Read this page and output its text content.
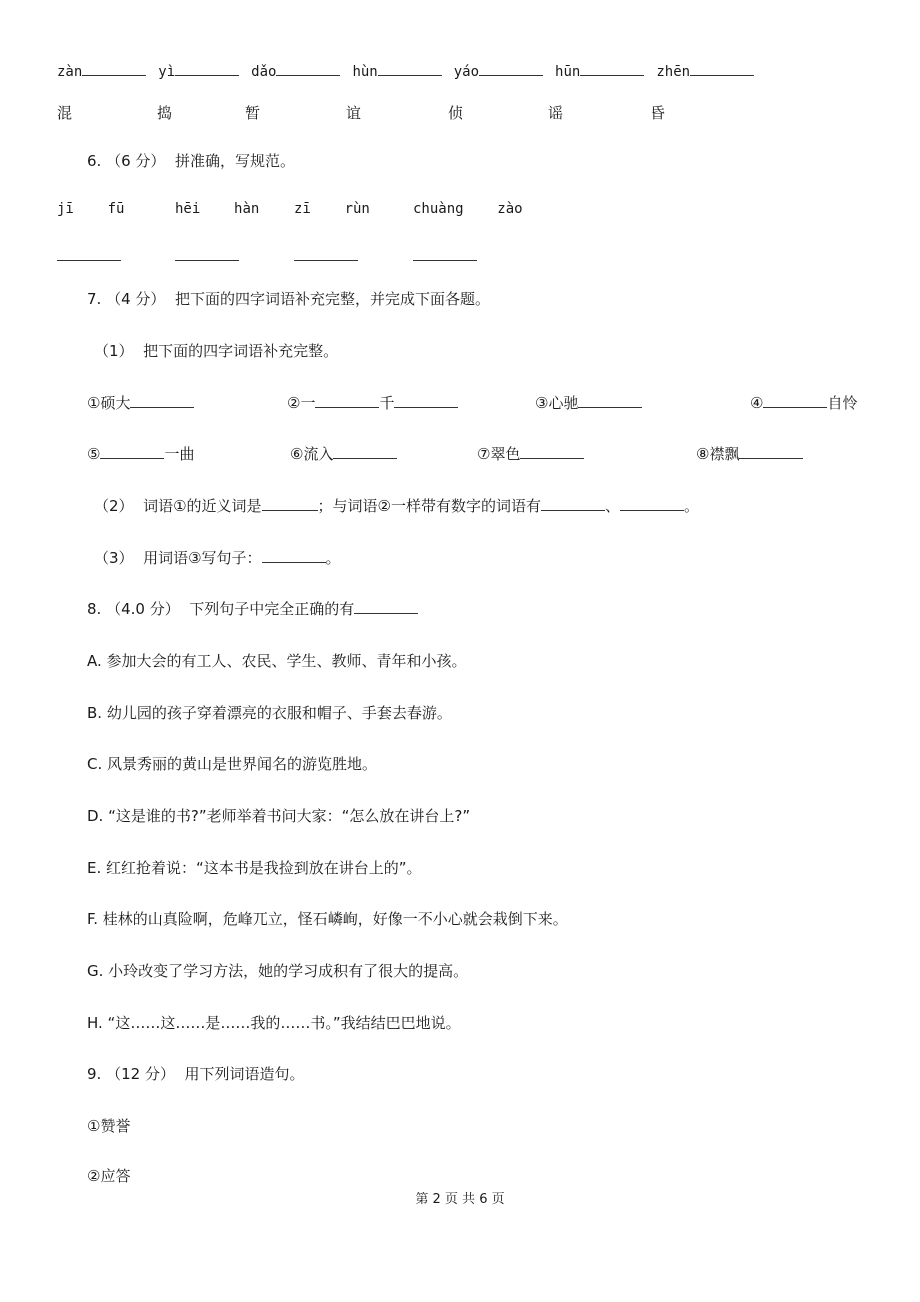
zàn	yì	dǎo	hùn	yáo	hūn	zhēn
混	捣	暂	谊	侦	谣	昏
6. （6 分） 拼准确，写规范。
jī fū	hēi hàn zī rùn	chuàng zào
7. （4 分） 把下面的四字词语补充完整，并完成下面各题。
（1） 把下面的四字词语补充完整。
①硕大	②一	千	③心驰	④	自怜
⑤	一曲	⑥流入	⑦翠色	⑧襟飘
（2） 词语①的近义词是	；与词语②一样带有数字的词语有	、	。
（3） 用词语③写句子：	。
8. （4.0 分） 下列句子中完全正确的有
A. 参加大会的有工人、农民、学生、教师、青年和小孩。
B. 幼儿园的孩子穿着漂亮的衣服和帽子、手套去春游。
C. 风景秀丽的黄山是世界闻名的游览胜地。
D. “这是谁的书?”老师举着书问大家：“怎么放在讲台上?”
E. 红红抢着说：“这本书是我捡到放在讲台上的”。
F. 桂林的山真险啊，危峰兀立，怪石嶙峋，好像一不小心就会栽倒下来。
G. 小玲改变了学习方法，她的学习成积有了很大的提高。
H. “这……这……是……我的……书。”我结结巴巴地说。
9. （12 分） 用下列词语造句。
①赞誉
②应答
第 2 页 共 6 页
